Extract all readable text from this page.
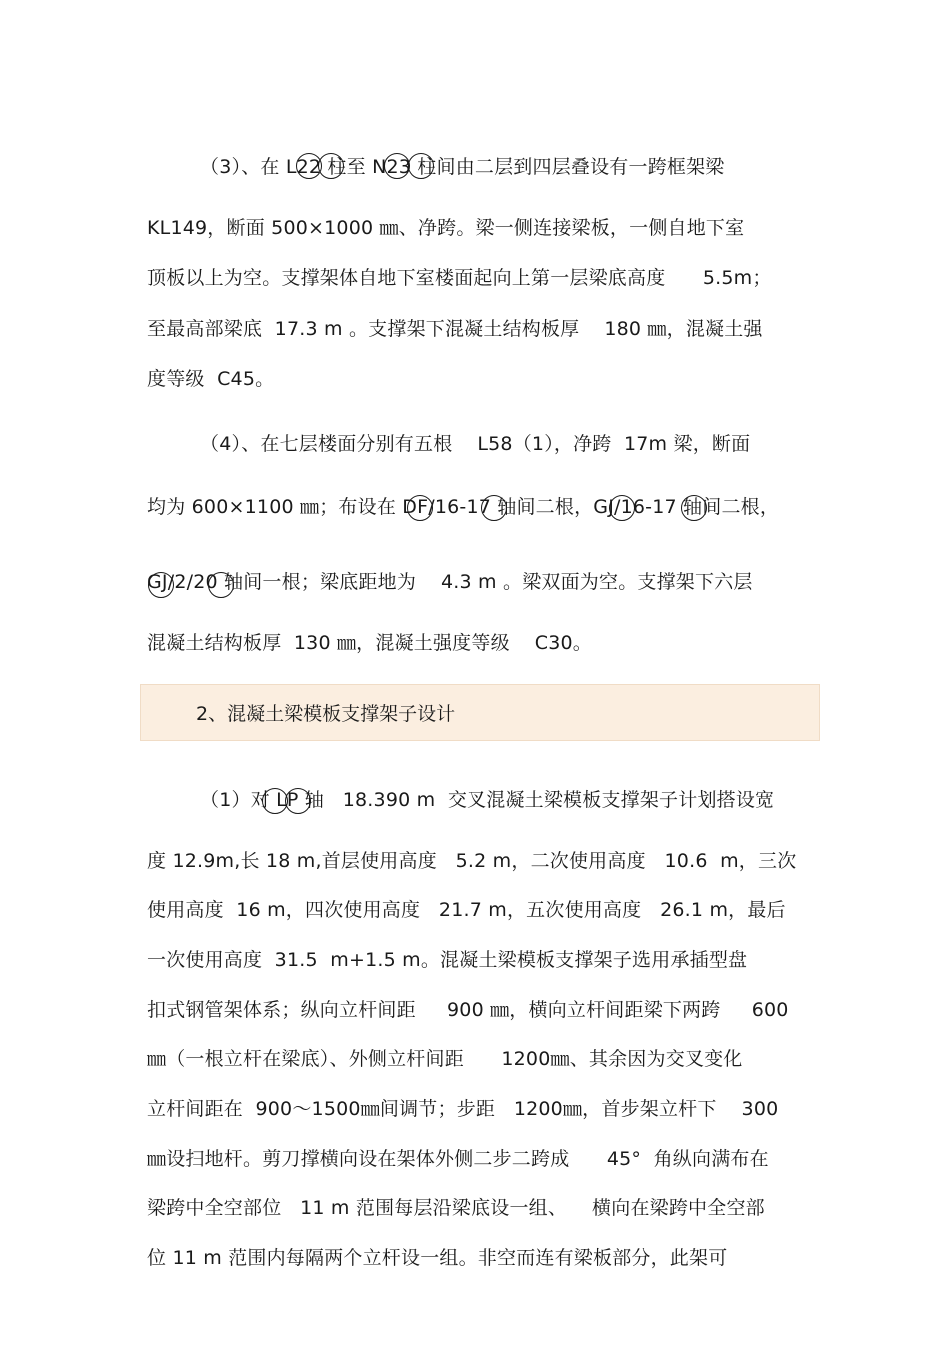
（3）、在 L22 柱至 N23 柱间由二层到四层叠设有一跨框架梁
KL149，断面 500×1000 ㎜、净跨。梁一侧连接梁板，一侧自地下室
顶板以上为空。支撑架体自地下室楼面起向上第一层梁底高度      5.5m；
至最高部梁底  17.3 m 。支撑架下混凝土结构板厚    180 ㎜，混凝土强
度等级  C45。
（4）、在七层楼面分别有五根    L58（1），净跨  17m 梁，断面
均为 600×1100 ㎜；布设在 DF/16-17 轴间二根，GJ/16-17 轴间二根，
GJ/2/20 轴间一根；梁底距地为    4.3 m 。梁双面为空。支撑架下六层
混凝土结构板厚  130 ㎜，混凝土强度等级    C30。
2、混凝土梁模板支撑架子设计
（1）对 LP 轴   18.390 m  交叉混凝土梁模板支撑架子计划搭设宽
度 12.9m,长 18 m,首层使用高度   5.2 m，二次使用高度   10.6  m，三次
使用高度  16 m，四次使用高度   21.7 m，五次使用高度   26.1 m，最后
一次使用高度  31.5  m+1.5 m。混凝土梁模板支撑架子选用承插型盘
扣式钢管架体系；纵向立杆间距     900 ㎜，横向立杆间距梁下两跨     600
㎜（一根立杆在梁底）、外侧立杆间距      1200㎜、其余因为交叉变化
立杆间距在  900～1500㎜间调节；步距   1200㎜，首步架立杆下    300
㎜设扫地杆。剪刀撑横向设在架体外侧二步二跨成      45°  角纵向满布在
梁跨中全空部位   11 m 范围每层沿梁底设一组、    横向在梁跨中全空部
位 11 m 范围内每隔两个立杆设一组。非空而连有梁板部分，此架可
